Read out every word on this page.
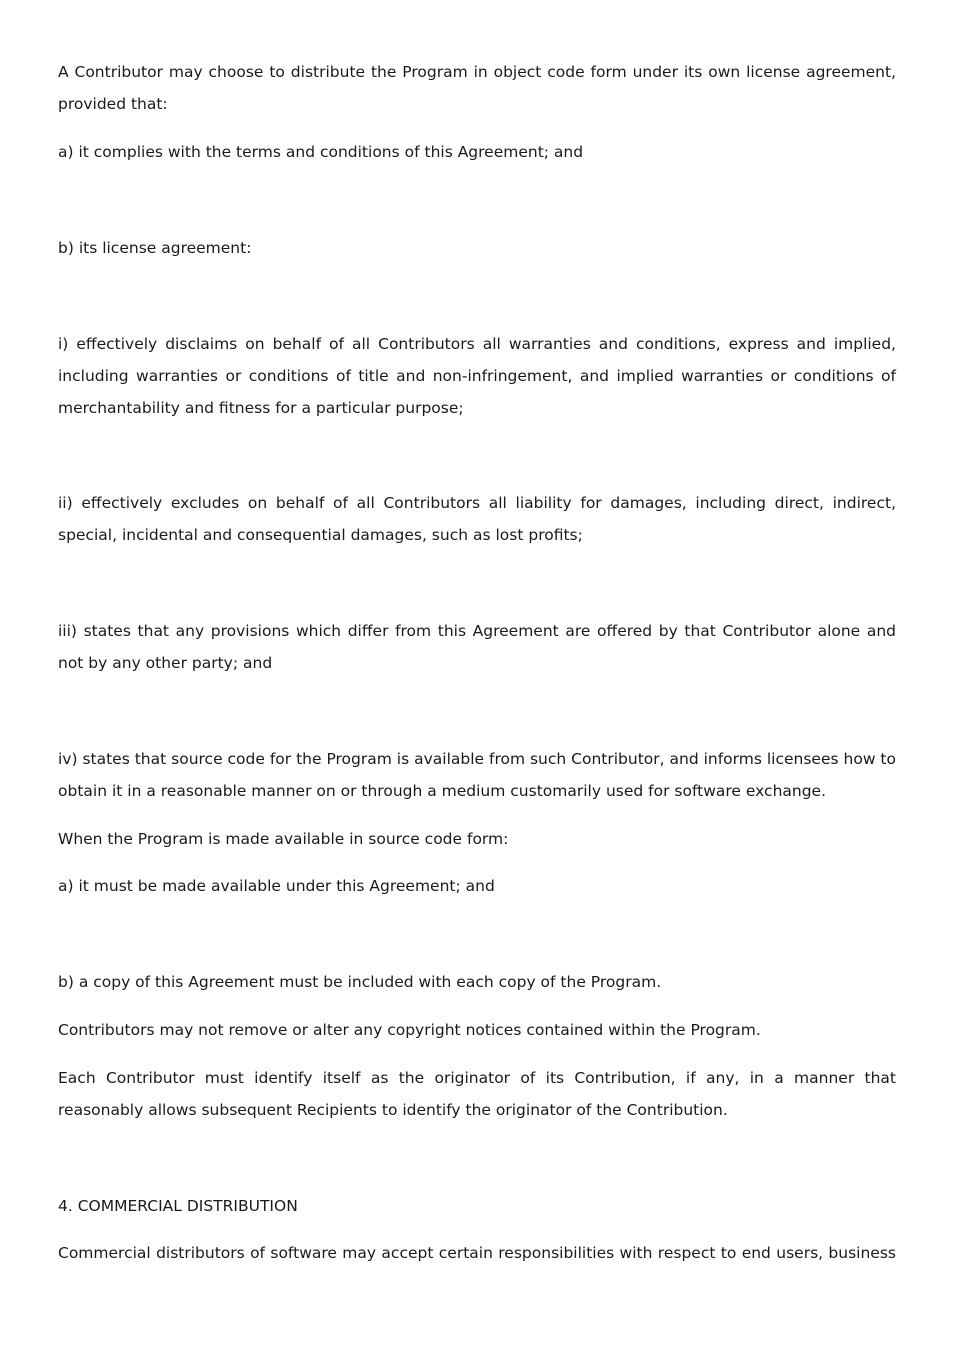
A Contributor may choose to distribute the Program in object code form under its own license agreement, provided that:

a) it complies with the terms and conditions of this Agreement; and

b) its license agreement:

i) effectively disclaims on behalf of all Contributors all warranties and conditions, express and implied, including warranties or conditions of title and non-infringement, and implied warranties or conditions of merchantability and fitness for a particular purpose;

ii) effectively excludes on behalf of all Contributors all liability for damages, including direct, indirect, special, incidental and consequential damages, such as lost profits;

iii) states that any provisions which differ from this Agreement are offered by that Contributor alone and not by any other party; and

iv) states that source code for the Program is available from such Contributor, and informs licensees how to obtain it in a reasonable manner on or through a medium customarily used for software exchange.

When the Program is made available in source code form:

a) it must be made available under this Agreement; and

b) a copy of this Agreement must be included with each copy of the Program.

Contributors may not remove or alter any copyright notices contained within the Program.

Each Contributor must identify itself as the originator of its Contribution, if any, in a manner that reasonably allows subsequent Recipients to identify the originator of the Contribution.

4. COMMERCIAL DISTRIBUTION

Commercial distributors of software may accept certain responsibilities with respect to end users, business
